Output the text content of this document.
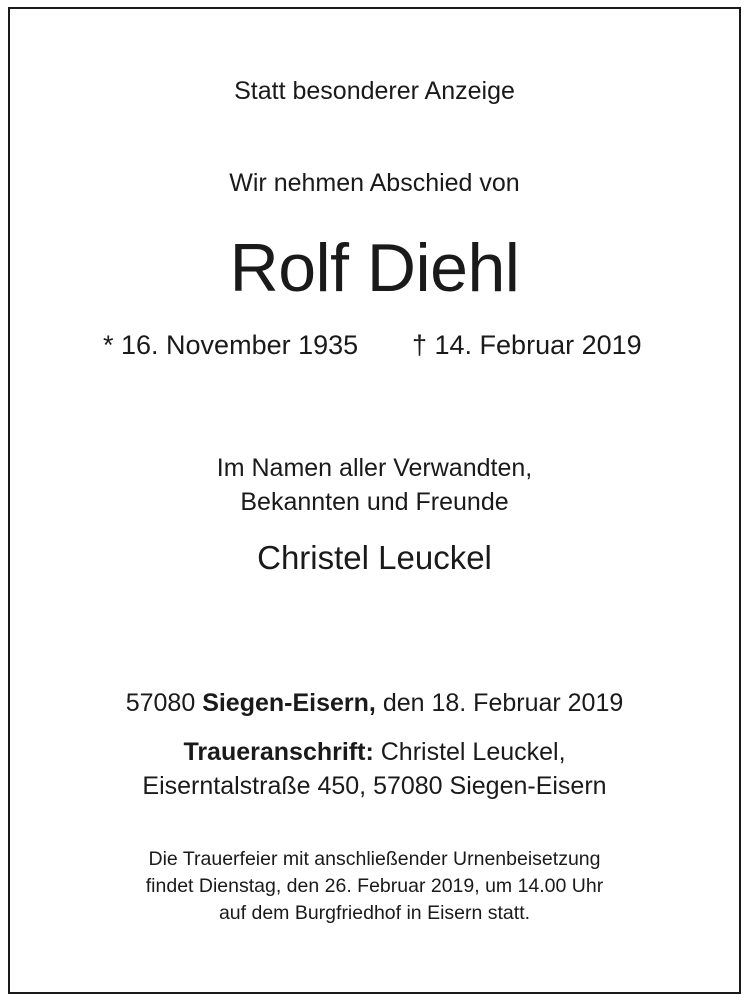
Statt besonderer Anzeige
Wir nehmen Abschied von
Rolf Diehl
* 16. November 1935 † 14. Februar 2019
Im Namen aller Verwandten,
Bekannten und Freunde
Christel Leuckel
57080 Siegen-Eisern, den 18. Februar 2019
Traueranschrift: Christel Leuckel,
Eiserntalstraße 450, 57080 Siegen-Eisern
Die Trauerfeier mit anschließender Urnenbeisetzung
findet Dienstag, den 26. Februar 2019, um 14.00 Uhr
auf dem Burgfriedhof in Eisern statt.
